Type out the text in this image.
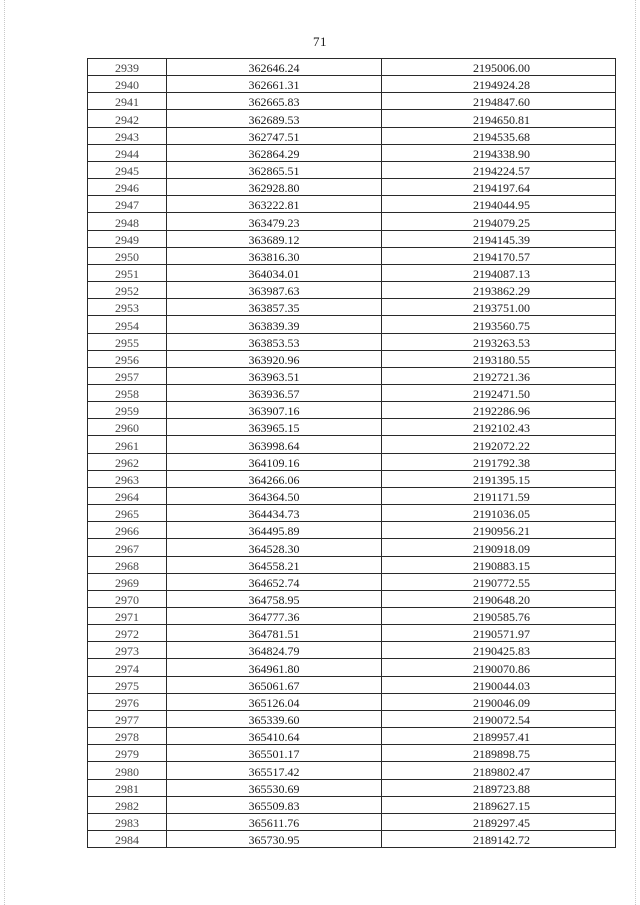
71
2939	362646.24	2195006.00
2940	362661.31	2194924.28
2941	362665.83	2194847.60
2942	362689.53	2194650.81
2943	362747.51	2194535.68
2944	362864.29	2194338.90
2945	362865.51	2194224.57
2946	362928.80	2194197.64
2947	363222.81	2194044.95
2948	363479.23	2194079.25
2949	363689.12	2194145.39
2950	363816.30	2194170.57
2951	364034.01	2194087.13
2952	363987.63	2193862.29
2953	363857.35	2193751.00
2954	363839.39	2193560.75
2955	363853.53	2193263.53
2956	363920.96	2193180.55
2957	363963.51	2192721.36
2958	363936.57	2192471.50
2959	363907.16	2192286.96
2960	363965.15	2192102.43
2961	363998.64	2192072.22
2962	364109.16	2191792.38
2963	364266.06	2191395.15
2964	364364.50	2191171.59
2965	364434.73	2191036.05
2966	364495.89	2190956.21
2967	364528.30	2190918.09
2968	364558.21	2190883.15
2969	364652.74	2190772.55
2970	364758.95	2190648.20
2971	364777.36	2190585.76
2972	364781.51	2190571.97
2973	364824.79	2190425.83
2974	364961.80	2190070.86
2975	365061.67	2190044.03
2976	365126.04	2190046.09
2977	365339.60	2190072.54
2978	365410.64	2189957.41
2979	365501.17	2189898.75
2980	365517.42	2189802.47
2981	365530.69	2189723.88
2982	365509.83	2189627.15
2983	365611.76	2189297.45
2984	365730.95	2189142.72
